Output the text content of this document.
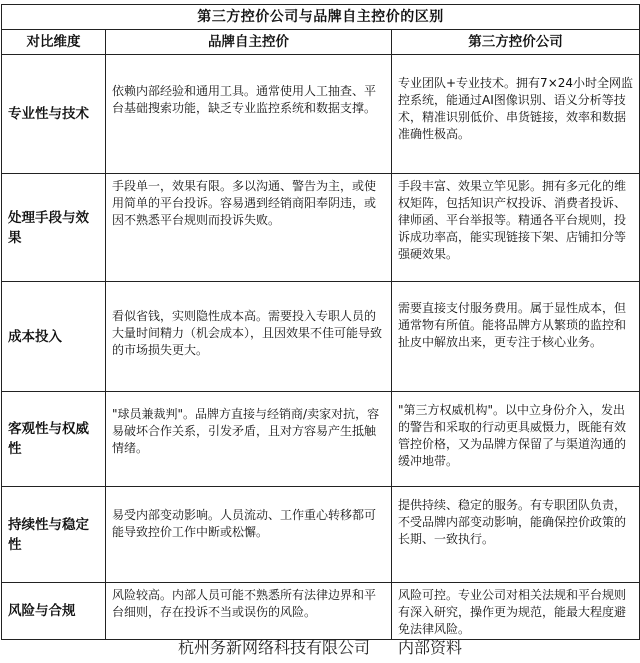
第三方控价公司与品牌自主控价的区别		
对比维度	品牌自主控价	第三方控价公司
专业性与技术	依赖内部经验和通用工具。通常使用人工抽查、平台基础搜索功能，缺乏专业监控系统和数据支撑。	专业团队+专业技术。拥有7×24小时全网监控系统，能通过AI图像识别、语义分析等技术，精准识别低价、串货链接，效率和数据准确性极高。

处理手段与效果	手段单一，效果有限。多以沟通、警告为主，或使用简单的平台投诉。容易遇到经销商阳奉阴违，或因不熟悉平台规则而投诉失败。	手段丰富、效果立竿见影。拥有多元化的维权矩阵，包括知识产权投诉、消费者投诉、律师函、平台举报等。精通各平台规则，投诉成功率高，能实现链接下架、店铺扣分等强硬效果。

成本投入	看似省钱，实则隐性成本高。需要投入专职人员的大量时间精力（机会成本），且因效果不佳可能导致的市场损失更大。	需要直接支付服务费用。属于显性成本，但通常物有所值。能将品牌方从繁琐的监控和扯皮中解放出来，更专注于核心业务。

客观性与权威性	"球员兼裁判"。品牌方直接与经销商/卖家对抗，容易破坏合作关系，引发矛盾，且对方容易产生抵触情绪。	"第三方权威机构"。以中立身份介入，发出的警告和采取的行动更具威慑力，既能有效管控价格，又为品牌方保留了与渠道沟通的缓冲地带。

持续性与稳定性	易受内部变动影响。人员流动、工作重心转移都可能导致控价工作中断或松懈。	提供持续、稳定的服务。有专职团队负责，不受品牌内部变动影响，能确保控价政策的长期、一致执行。

风险与合规	风险较高。内部人员可能不熟悉所有法律边界和平台细则，存在投诉不当或误伤的风险。	风险可控。专业公司对相关法规和平台规则有深入研究，操作更为规范，能最大程度避免法律风险。
杭州务新网络科技有限公司 内部资料
